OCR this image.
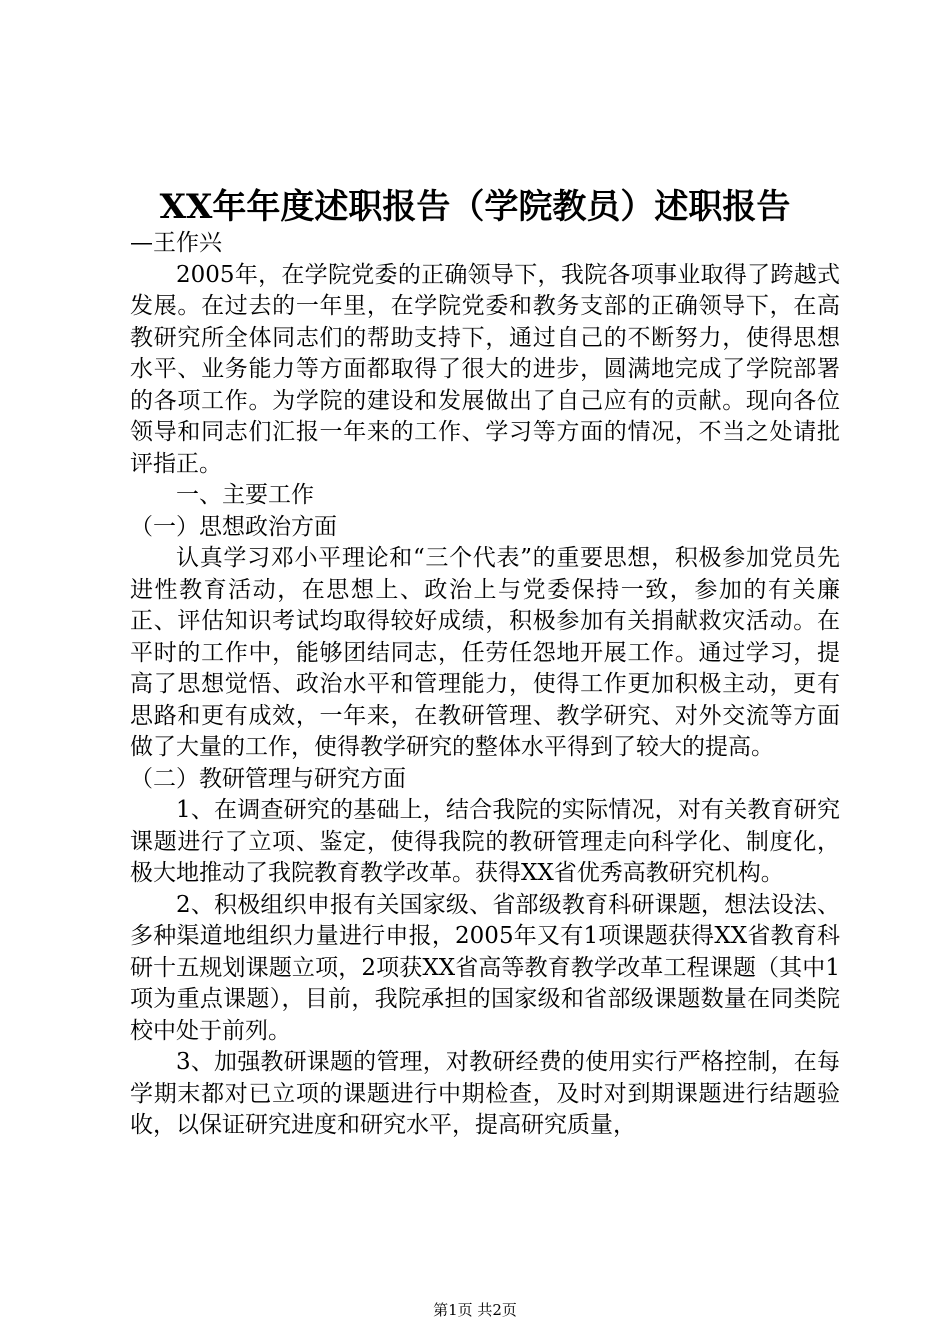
XX年年度述职报告（学院教员）述职报告

—王作兴

2005年，在学院党委的正确领导下，我院各项事业取得了跨越式发展。在过去的一年里，在学院党委和教务支部的正确领导下，在高教研究所全体同志们的帮助支持下，通过自己的不断努力，使得思想水平、业务能力等方面都取得了很大的进步，圆满地完成了学院部署的各项工作。为学院的建设和发展做出了自己应有的贡献。现向各位领导和同志们汇报一年来的工作、学习等方面的情况，不当之处请批评指正。

一、主要工作

（一）思想政治方面

认真学习邓小平理论和“三个代表”的重要思想，积极参加党员先进性教育活动，在思想上、政治上与党委保持一致，参加的有关廉正、评估知识考试均取得较好成绩，积极参加有关捐献救灾活动。在平时的工作中，能够团结同志，任劳任怨地开展工作。通过学习，提高了思想觉悟、政治水平和管理能力，使得工作更加积极主动，更有思路和更有成效，一年来，在教研管理、教学研究、对外交流等方面做了大量的工作，使得教学研究的整体水平得到了较大的提高。

（二）教研管理与研究方面

1、在调查研究的基础上，结合我院的实际情况，对有关教育研究课题进行了立项、鉴定，使得我院的教研管理走向科学化、制度化，极大地推动了我院教育教学改革。获得XX省优秀高教研究机构。

2、积极组织申报有关国家级、省部级教育科研课题，想法设法、多种渠道地组织力量进行申报，2005年又有1项课题获得XX省教育科研十五规划课题立项，2项获XX省高等教育教学改革工程课题（其中1项为重点课题），目前，我院承担的国家级和省部级课题数量在同类院校中处于前列。

3、加强教研课题的管理，对教研经费的使用实行严格控制，在每学期末都对已立项的课题进行中期检查，及时对到期课题进行结题验收，以保证研究进度和研究水平，提高研究质量，

第1页 共2页
